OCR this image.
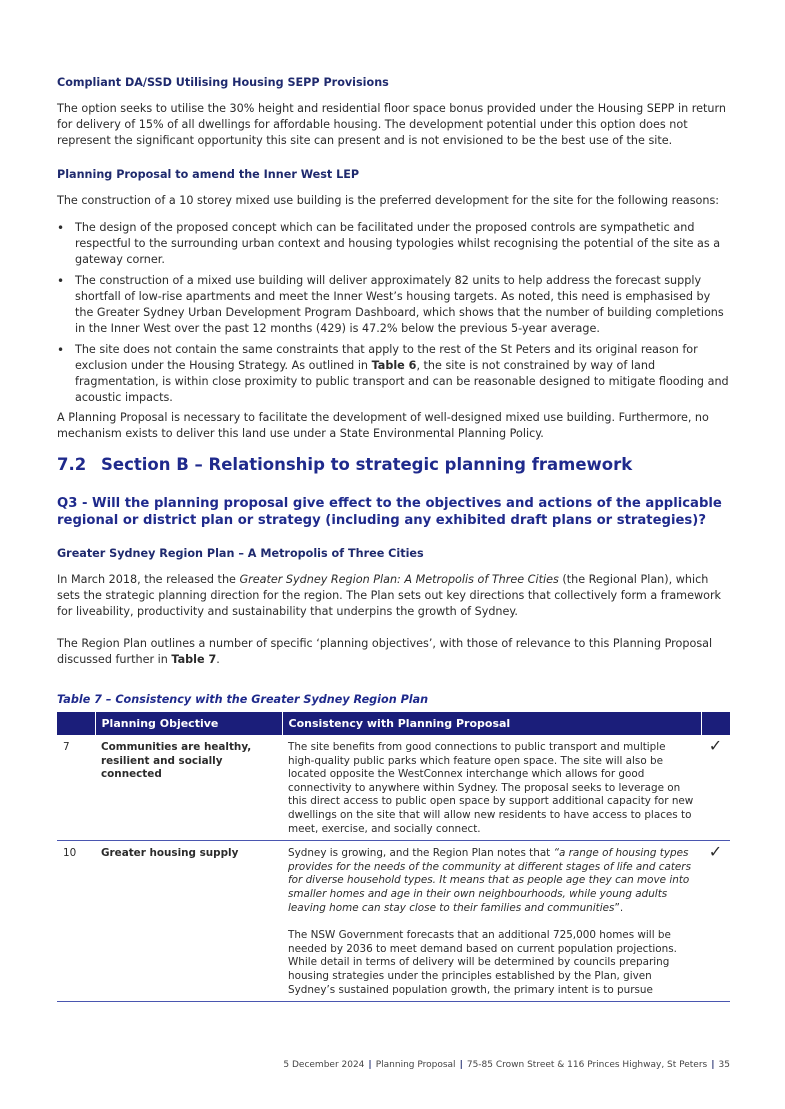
Compliant DA/SSD Utilising Housing SEPP Provisions

The option seeks to utilise the 30% height and residential floor space bonus provided under the Housing SEPP in return for delivery of 15% of all dwellings for affordable housing. The development potential under this option does not represent the significant opportunity this site can present and is not envisioned to be the best use of the site.

Planning Proposal to amend the Inner West LEP

The construction of a 10 storey mixed use building is the preferred development for the site for the following reasons:

• The design of the proposed concept which can be facilitated under the proposed controls are sympathetic and respectful to the surrounding urban context and housing typologies whilst recognising the potential of the site as a gateway corner.
• The construction of a mixed use building will deliver approximately 82 units to help address the forecast supply shortfall of low-rise apartments and meet the Inner West’s housing targets. As noted, this need is emphasised by the Greater Sydney Urban Development Program Dashboard, which shows that the number of building completions in the Inner West over the past 12 months (429) is 47.2% below the previous 5-year average.
• The site does not contain the same constraints that apply to the rest of the St Peters and its original reason for exclusion under the Housing Strategy. As outlined in Table 6, the site is not constrained by way of land fragmentation, is within close proximity to public transport and can be reasonable designed to mitigate flooding and acoustic impacts.

A Planning Proposal is necessary to facilitate the development of well-designed mixed use building. Furthermore, no mechanism exists to deliver this land use under a State Environmental Planning Policy.

7.2 Section B – Relationship to strategic planning framework

Q3 - Will the planning proposal give effect to the objectives and actions of the applicable regional or district plan or strategy (including any exhibited draft plans or strategies)?

Greater Sydney Region Plan – A Metropolis of Three Cities

In March 2018, the released the Greater Sydney Region Plan: A Metropolis of Three Cities (the Regional Plan), which sets the strategic planning direction for the region. The Plan sets out key directions that collectively form a framework for liveability, productivity and sustainability that underpins the growth of Sydney.

The Region Plan outlines a number of specific ‘planning objectives’, with those of relevance to this Planning Proposal discussed further in Table 7.

Table 7 – Consistency with the Greater Sydney Region Plan
	Planning Objective	Consistency with Planning Proposal	
7	Communities are healthy, resilient and socially connected	The site benefits from good connections to public transport and multiple high-quality public parks which feature open space. The site will also be located opposite the WestConnex interchange which allows for good connectivity to anywhere within Sydney. The proposal seeks to leverage on this direct access to public open space by support additional capacity for new dwellings on the site that will allow new residents to have access to places to meet, exercise, and socially connect.	✓
10	Greater housing supply	Sydney is growing, and the Region Plan notes that “a range of housing types provides for the needs of the community at different stages of life and caters for diverse household types. It means that as people age they can move into smaller homes and age in their own neighbourhoods, while young adults leaving home can stay close to their families and communities”.
The NSW Government forecasts that an additional 725,000 homes will be needed by 2036 to meet demand based on current population projections. While detail in terms of delivery will be determined by councils preparing housing strategies under the principles established by the Plan, given Sydney’s sustained population growth, the primary intent is to pursue	✓
5 December 2024 | Planning Proposal | 75-85 Crown Street & 116 Princes Highway, St Peters | 35
